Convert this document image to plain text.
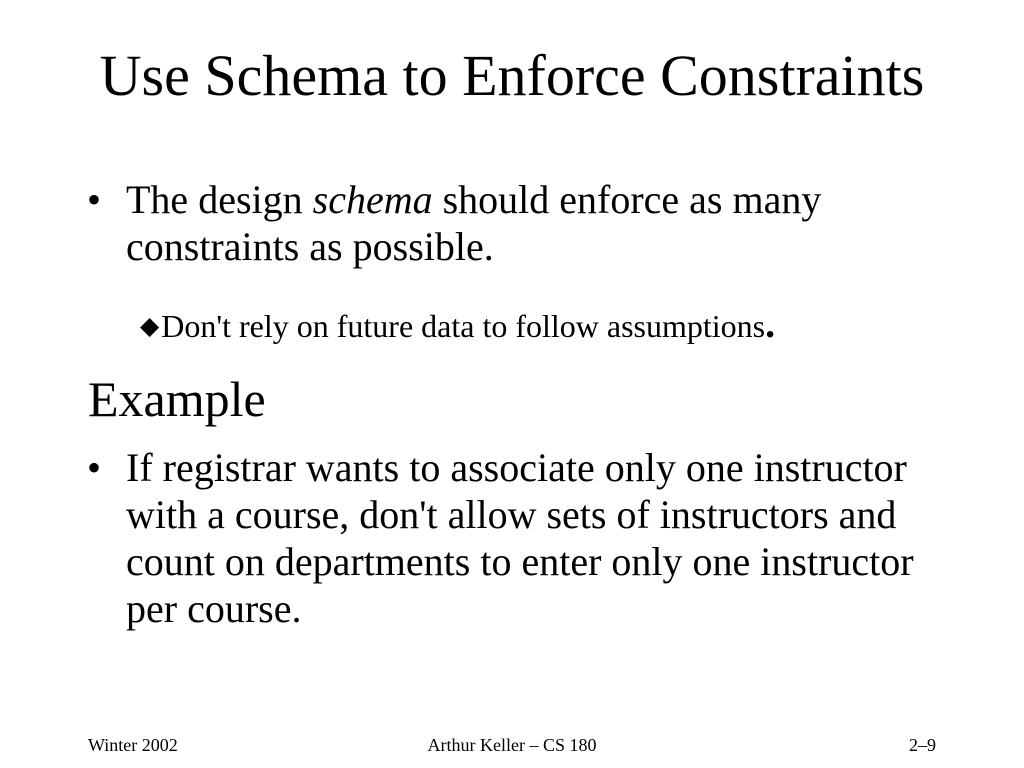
Use Schema to Enforce Constraints
• The design schema should enforce as many constraints as possible.
◆Don't rely on future data to follow assumptions.
Example
• If registrar wants to associate only one instructor with a course, don't allow sets of instructors and count on departments to enter only one instructor per course.
Winter 2002	Arthur Keller – CS 180	2–9
